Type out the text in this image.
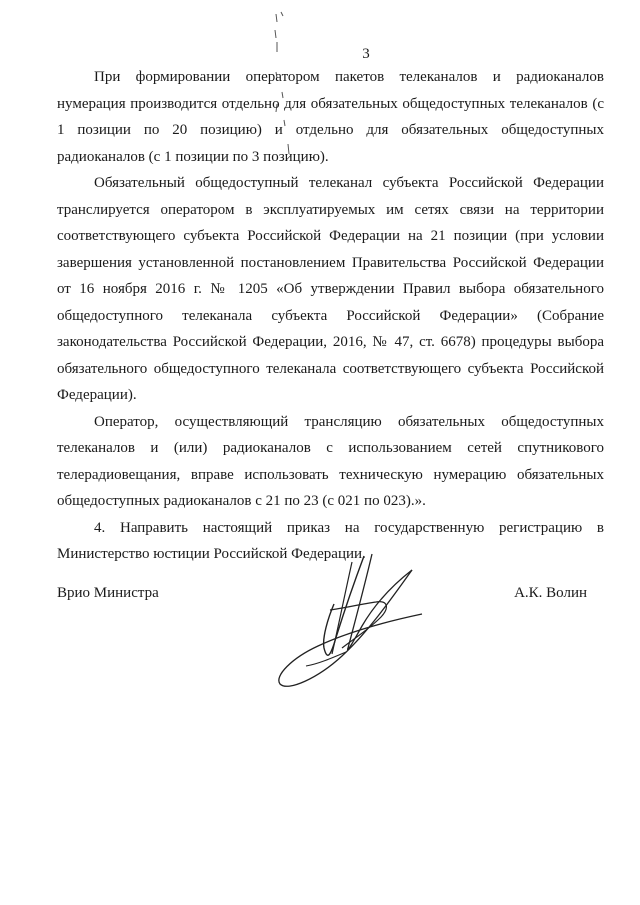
3

При формировании оператором пакетов телеканалов и радиоканалов нумерация производится отдельно для обязательных общедоступных телеканалов (с 1 позиции по 20 позицию) и отдельно для обязательных общедоступных радиоканалов (с 1 позиции по 3 позицию).

Обязательный общедоступный телеканал субъекта Российской Федерации транслируется оператором в эксплуатируемых им сетях связи на территории соответствующего субъекта Российской Федерации на 21 позиции (при условии завершения установленной постановлением Правительства Российской Федерации от 16 ноября 2016 г. № 1205 «Об утверждении Правил выбора обязательного общедоступного телеканала субъекта Российской Федерации» (Собрание законодательства Российской Федерации, 2016, № 47, ст. 6678) процедуры выбора обязательного общедоступного телеканала соответствующего субъекта Российской Федерации).

Оператор, осуществляющий трансляцию обязательных общедоступных телеканалов и (или) радиоканалов с использованием сетей спутникового телерадиовещания, вправе использовать техническую нумерацию обязательных общедоступных радиоканалов с 21 по 23 (с 021 по 023).».

4. Направить настоящий приказ на государственную регистрацию в Министерство юстиции Российской Федерации.

Врио Министра	А.К. Волин
